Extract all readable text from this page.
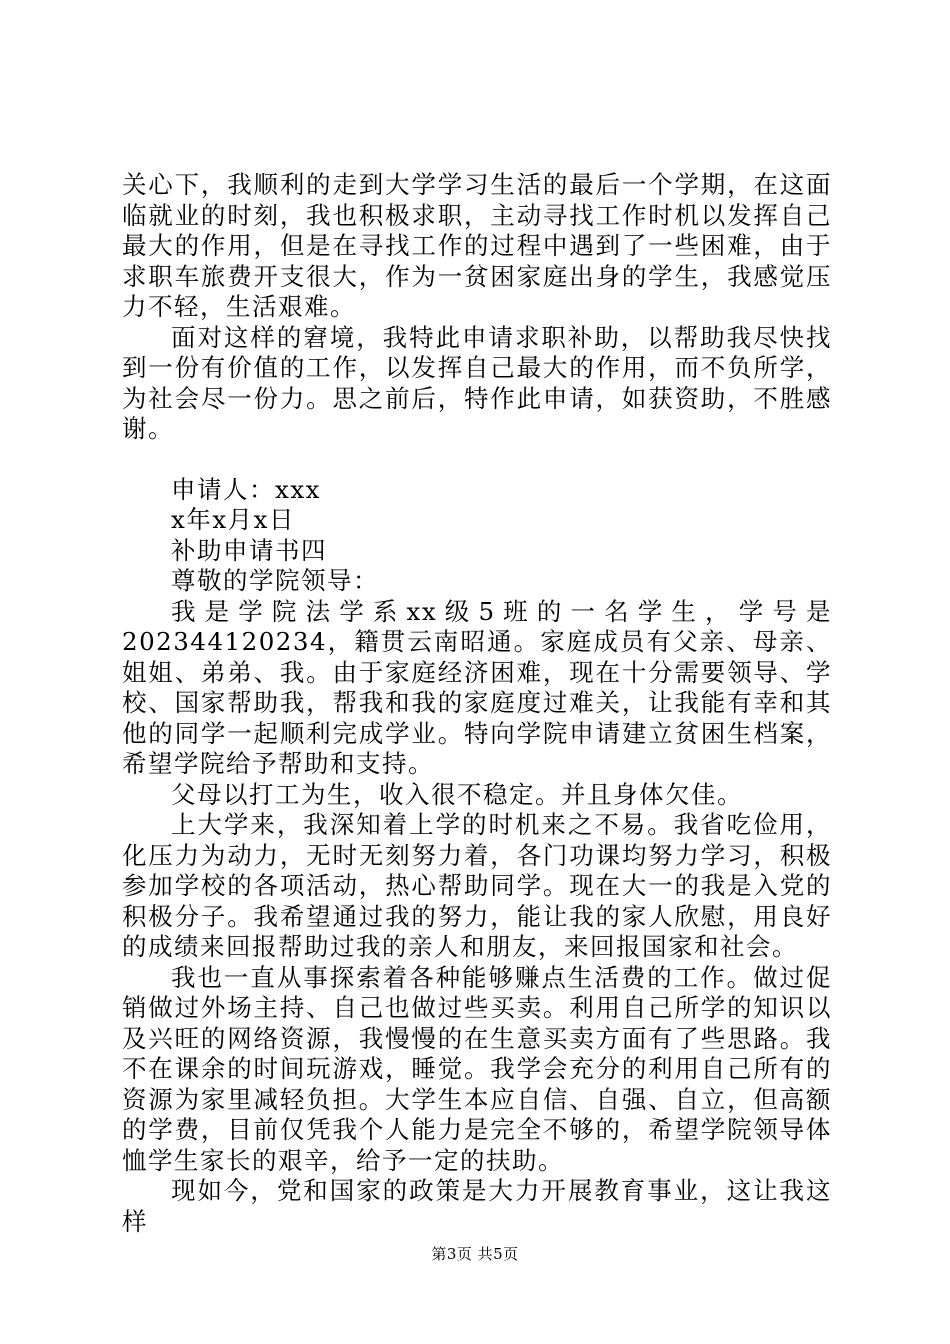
关心下，我顺利的走到大学学习生活的最后一个学期，在这面临就业的时刻，我也积极求职，主动寻找工作时机以发挥自己最大的作用，但是在寻找工作的过程中遇到了一些困难，由于求职车旅费开支很大，作为一贫困家庭出身的学生，我感觉压力不轻，生活艰难。

面对这样的窘境，我特此申请求职补助，以帮助我尽快找到一份有价值的工作，以发挥自己最大的作用，而不负所学，为社会尽一份力。思之前后，特作此申请，如获资助，不胜感谢。

申请人：xxx

x年x月x日

补助申请书四

尊敬的学院领导：

我是学院法学系xx级5班的一名学生，学号是202344120234，籍贯云南昭通。家庭成员有父亲、母亲、姐姐、弟弟、我。由于家庭经济困难，现在十分需要领导、学校、国家帮助我，帮我和我的家庭度过难关，让我能有幸和其他的同学一起顺利完成学业。特向学院申请建立贫困生档案，希望学院给予帮助和支持。

父母以打工为生，收入很不稳定。并且身体欠佳。

上大学来，我深知着上学的时机来之不易。我省吃俭用，化压力为动力，无时无刻努力着，各门功课均努力学习，积极参加学校的各项活动，热心帮助同学。现在大一的我是入党的积极分子。我希望通过我的努力，能让我的家人欣慰，用良好的成绩来回报帮助过我的亲人和朋友，来回报国家和社会。

我也一直从事探索着各种能够赚点生活费的工作。做过促销做过外场主持、自己也做过些买卖。利用自己所学的知识以及兴旺的网络资源，我慢慢的在生意买卖方面有了些思路。我不在课余的时间玩游戏，睡觉。我学会充分的利用自己所有的资源为家里减轻负担。大学生本应自信、自强、自立，但高额的学费，目前仅凭我个人能力是完全不够的，希望学院领导体恤学生家长的艰辛，给予一定的扶助。

现如今，党和国家的政策是大力开展教育事业，这让我这样

第3页 共5页
